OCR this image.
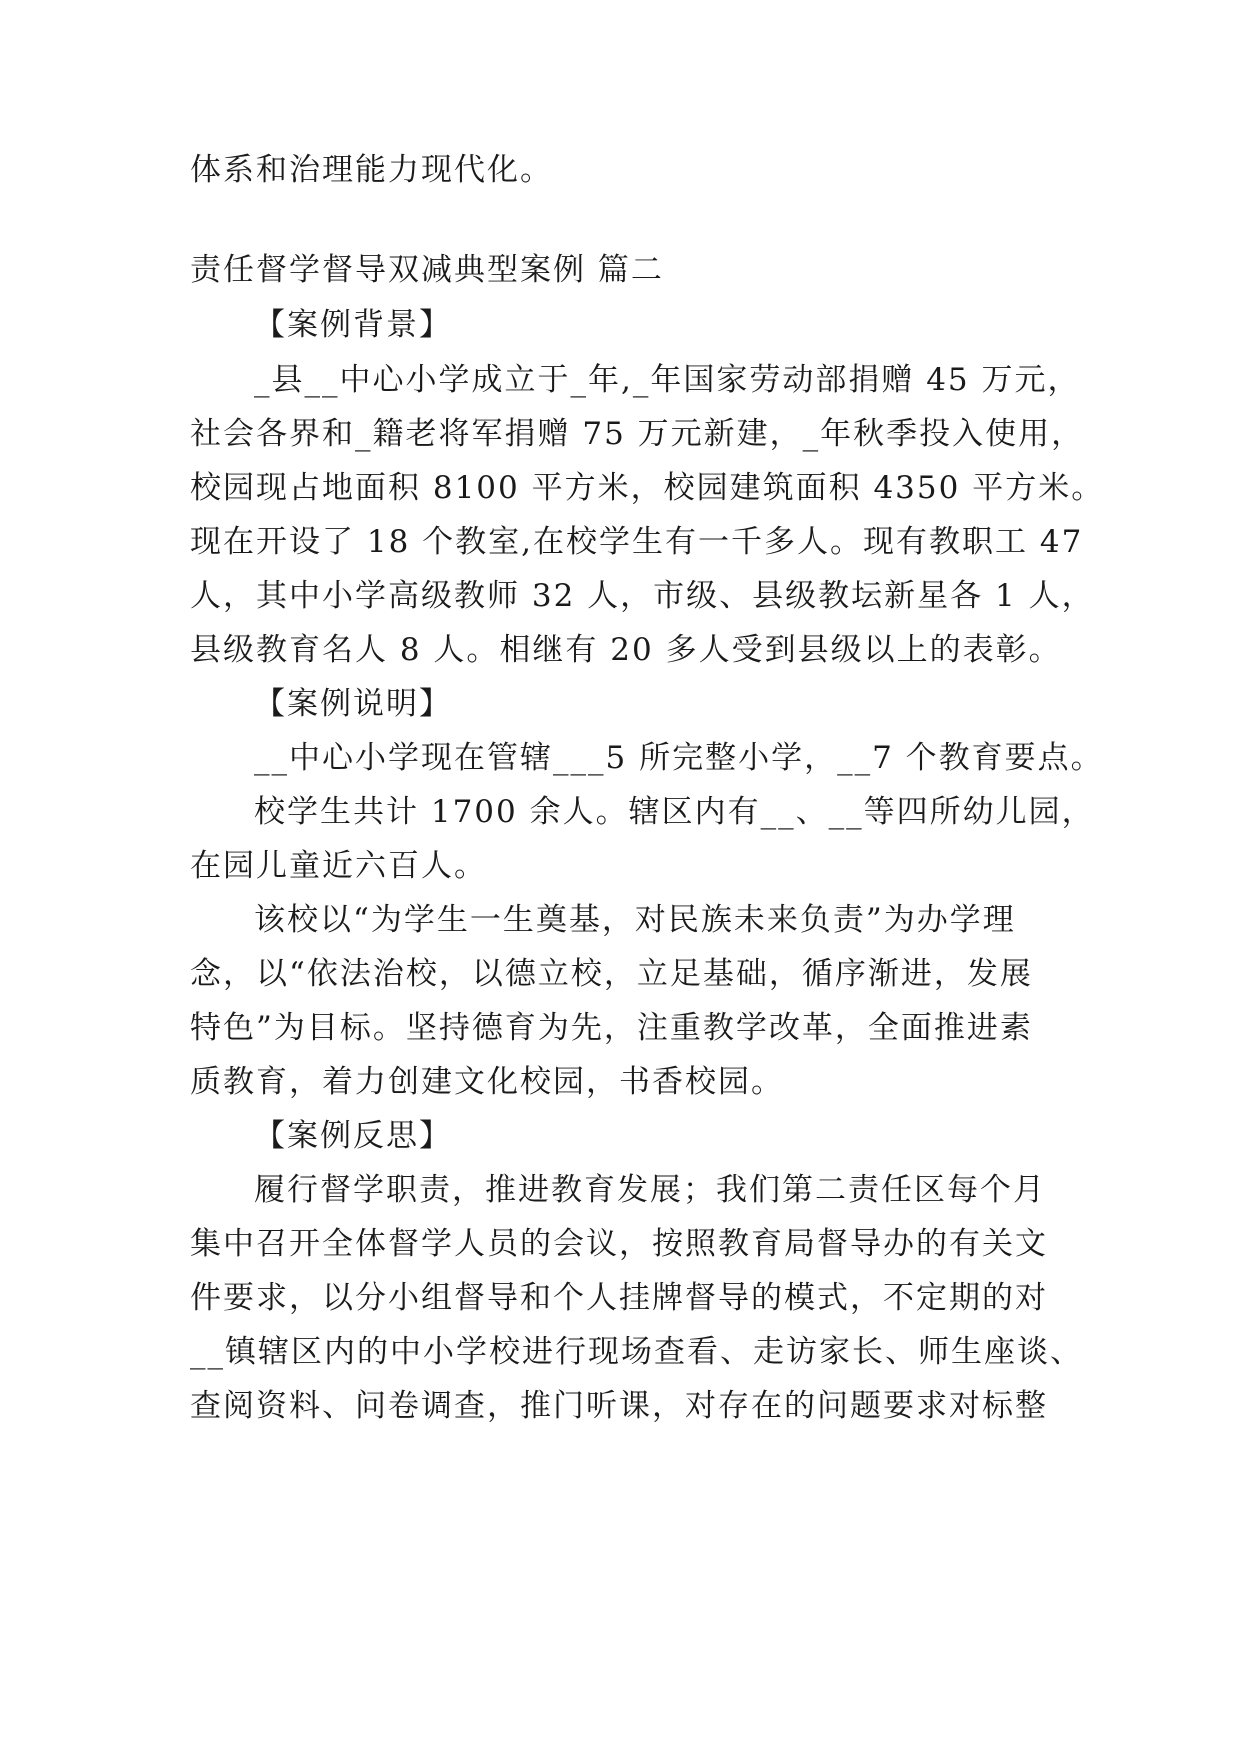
体系和治理能力现代化。
责任督学督导双减典型案例 篇二
【案例背景】
_县__中心小学成立于_年,_年国家劳动部捐赠 45 万元，
社会各界和_籍老将军捐赠 75 万元新建，_年秋季投入使用，
校园现占地面积 8100 平方米，校园建筑面积 4350 平方米。
现在开设了 18 个教室,在校学生有一千多人。现有教职工 47
人，其中小学高级教师 32 人，市级、县级教坛新星各 1 人，
县级教育名人 8 人。相继有 20 多人受到县级以上的表彰。
【案例说明】
__中心小学现在管辖___5 所完整小学，__7 个教育要点。
校学生共计 1700 余人。辖区内有__、__等四所幼儿园，
在园儿童近六百人。
该校以“为学生一生奠基，对民族未来负责”为办学理
念，以“依法治校，以德立校，立足基础，循序渐进，发展
特色”为目标。坚持德育为先，注重教学改革，全面推进素
质教育，着力创建文化校园，书香校园。
【案例反思】
履行督学职责，推进教育发展；我们第二责任区每个月
集中召开全体督学人员的会议，按照教育局督导办的有关文
件要求，以分小组督导和个人挂牌督导的模式，不定期的对
__镇辖区内的中小学校进行现场查看、走访家长、师生座谈、
查阅资料、问卷调查，推门听课，对存在的问题要求对标整
